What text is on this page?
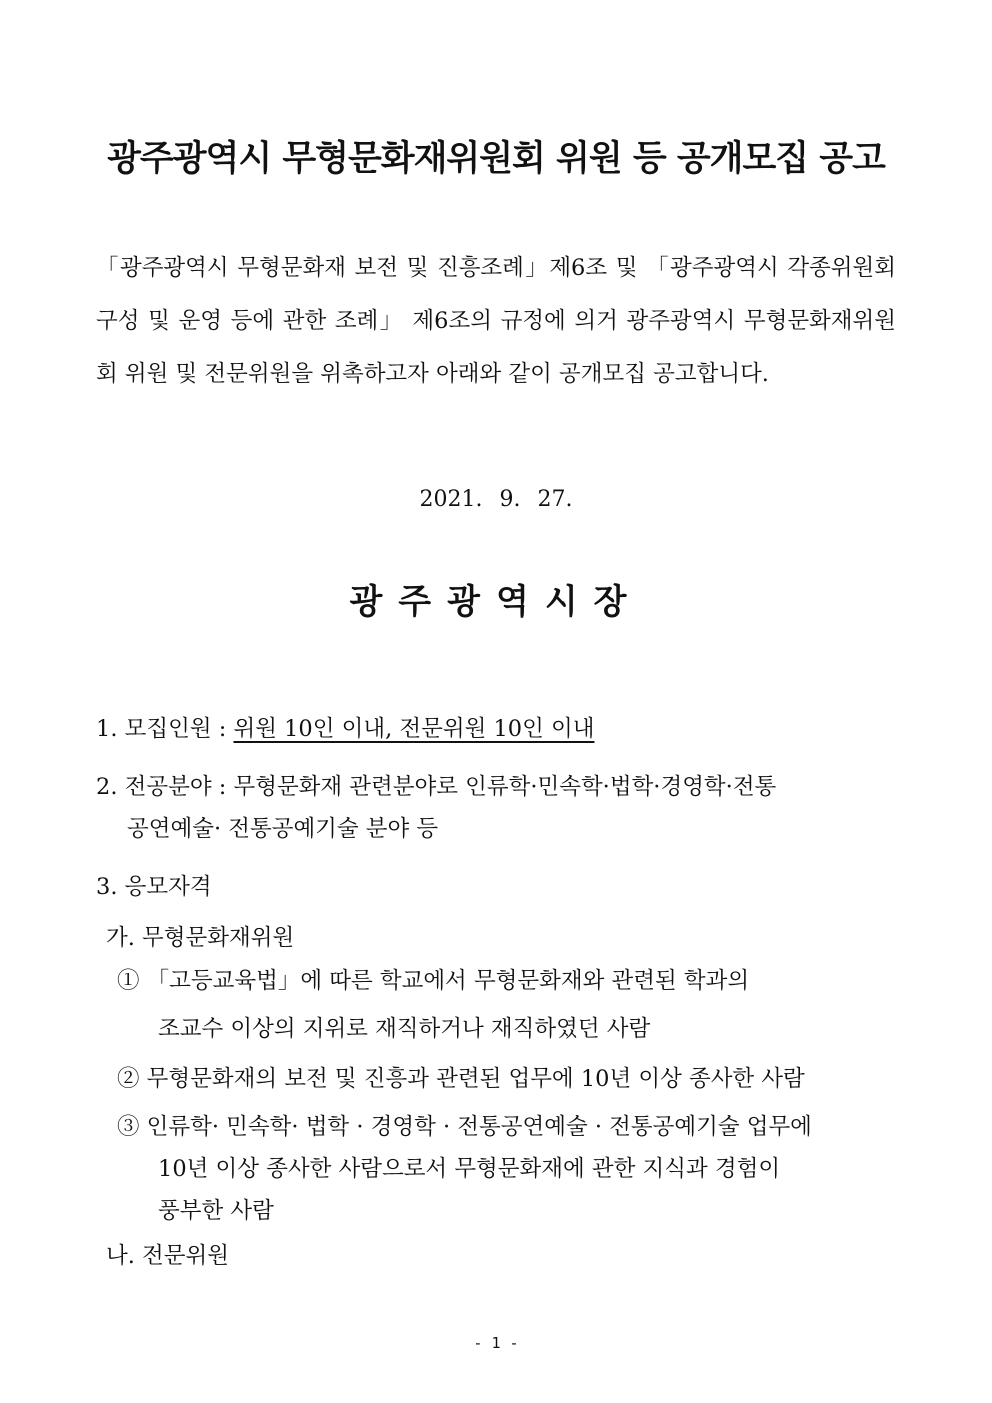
광주광역시 무형문화재위원회 위원 등 공개모집 공고

「광주광역시 무형문화재 보전 및 진흥조례」제6조 및 「광주광역시 각종위원회 구성 및 운영 등에 관한 조례」 제6조의 규정에 의거 광주광역시 무형문화재위원회 위원 및 전문위원을 위촉하고자 아래와 같이 공개모집 공고합니다.

2021. 9. 27.

광주광역시장

1. 모집인원 : 위원 10인 이내, 전문위원 10인 이내

2. 전공분야 : 무형문화재 관련분야로 인류학·민속학·법학·경영학·전통

공연예술· 전통공예기술 분야 등

3. 응모자격

가. 무형문화재위원

① 「고등교육법」에 따른 학교에서 무형문화재와 관련된 학과의

조교수 이상의 지위로 재직하거나 재직하였던 사람

② 무형문화재의 보전 및 진흥과 관련된 업무에 10년 이상 종사한 사람

③ 인류학· 민속학· 법학 · 경영학 · 전통공연예술 · 전통공예기술 업무에

10년 이상 종사한 사람으로서 무형문화재에 관한 지식과 경험이

풍부한 사람

나. 전문위원

- 1 -
